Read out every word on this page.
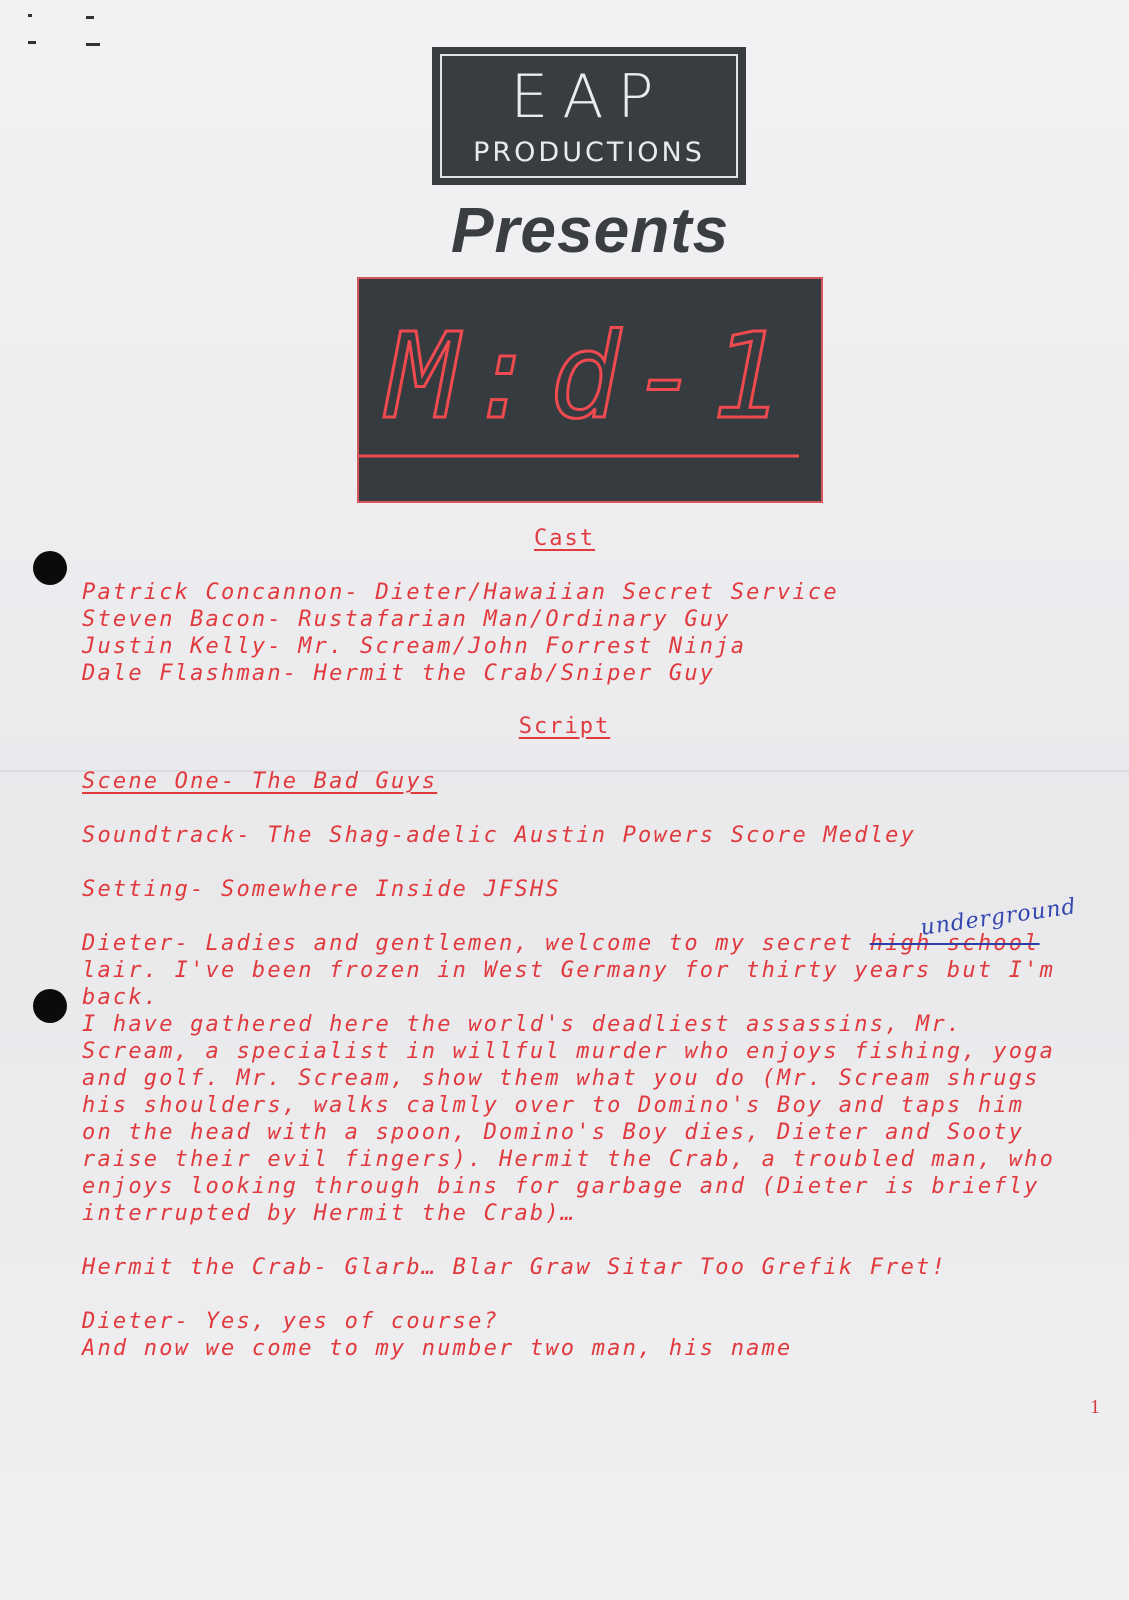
EAP
PRODUCTIONS
Presents
M:d-1
Cast
Patrick Concannon- Dieter/Hawaiian Secret Service
Steven Bacon- Rustafarian Man/Ordinary Guy
Justin Kelly- Mr. Scream/John Forrest Ninja
Dale Flashman- Hermit the Crab/Sniper Guy
Script
Scene One- The Bad Guys
Soundtrack- The Shag-adelic Austin Powers Score Medley
Setting- Somewhere Inside JFSHS
underground
Dieter- Ladies and gentlemen, welcome to my secret high school
lair. I've been frozen in West Germany for thirty years but I'm
back.
I have gathered here the world's deadliest assassins, Mr.
Scream, a specialist in willful murder who enjoys fishing, yoga
and golf. Mr. Scream, show them what you do (Mr. Scream shrugs
his shoulders, walks calmly over to Domino's Boy and taps him
on the head with a spoon, Domino's Boy dies, Dieter and Sooty
raise their evil fingers). Hermit the Crab, a troubled man, who
enjoys looking through bins for garbage and (Dieter is briefly
interrupted by Hermit the Crab)…
Hermit the Crab- Glarb… Blar Graw Sitar Too Grefik Fret!
Dieter- Yes, yes of course?
And now we come to my number two man, his name
1
